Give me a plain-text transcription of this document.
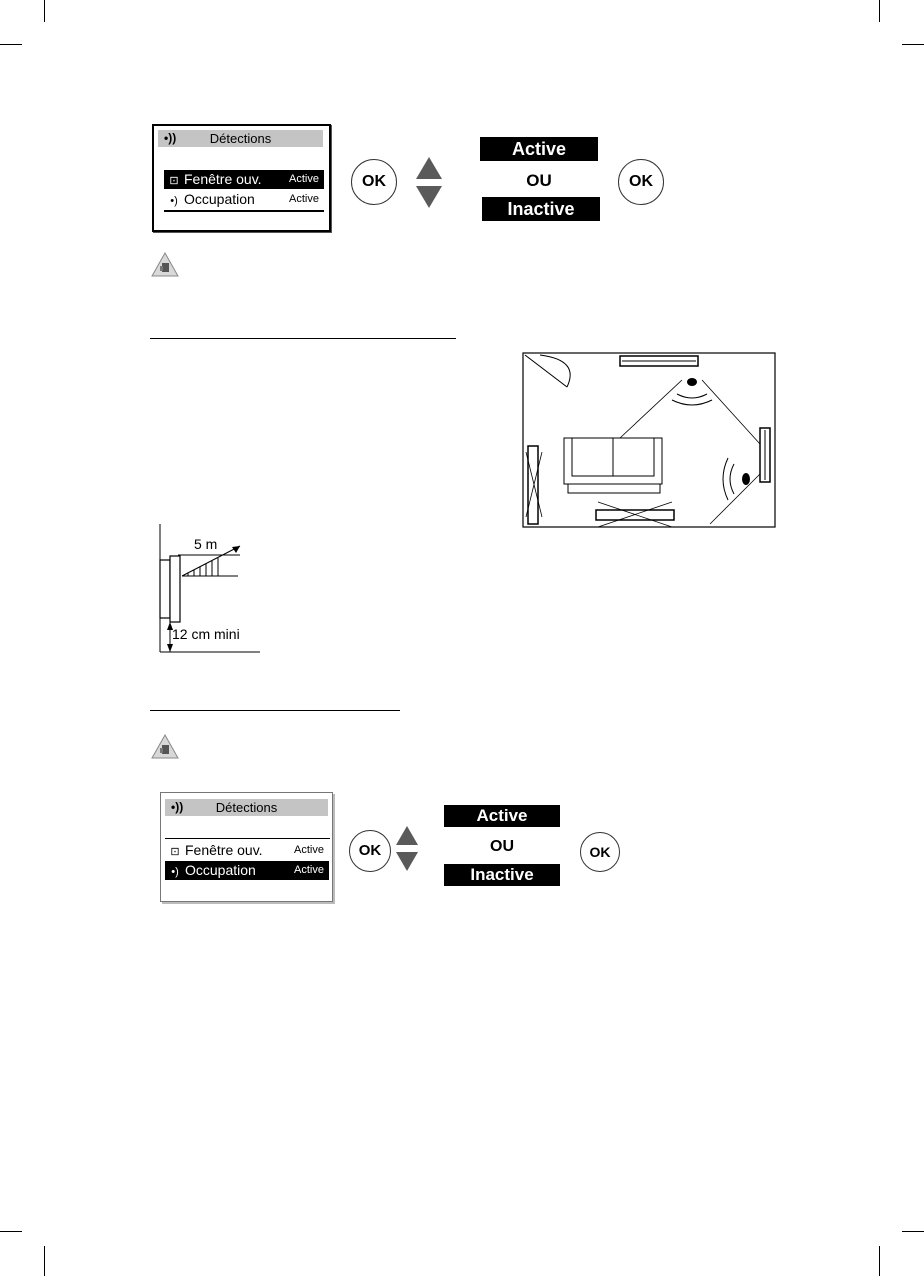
•))	Détections
⊡ Fenêtre ouv. Active
•) Occupation	Active
OK
Active
OU
Inactive
OK
5 m
12 cm mini
•))	Détections
⊡ Fenêtre ouv.	Active
•) Occupation	Active
OK
Active
OU
Inactive
OK
